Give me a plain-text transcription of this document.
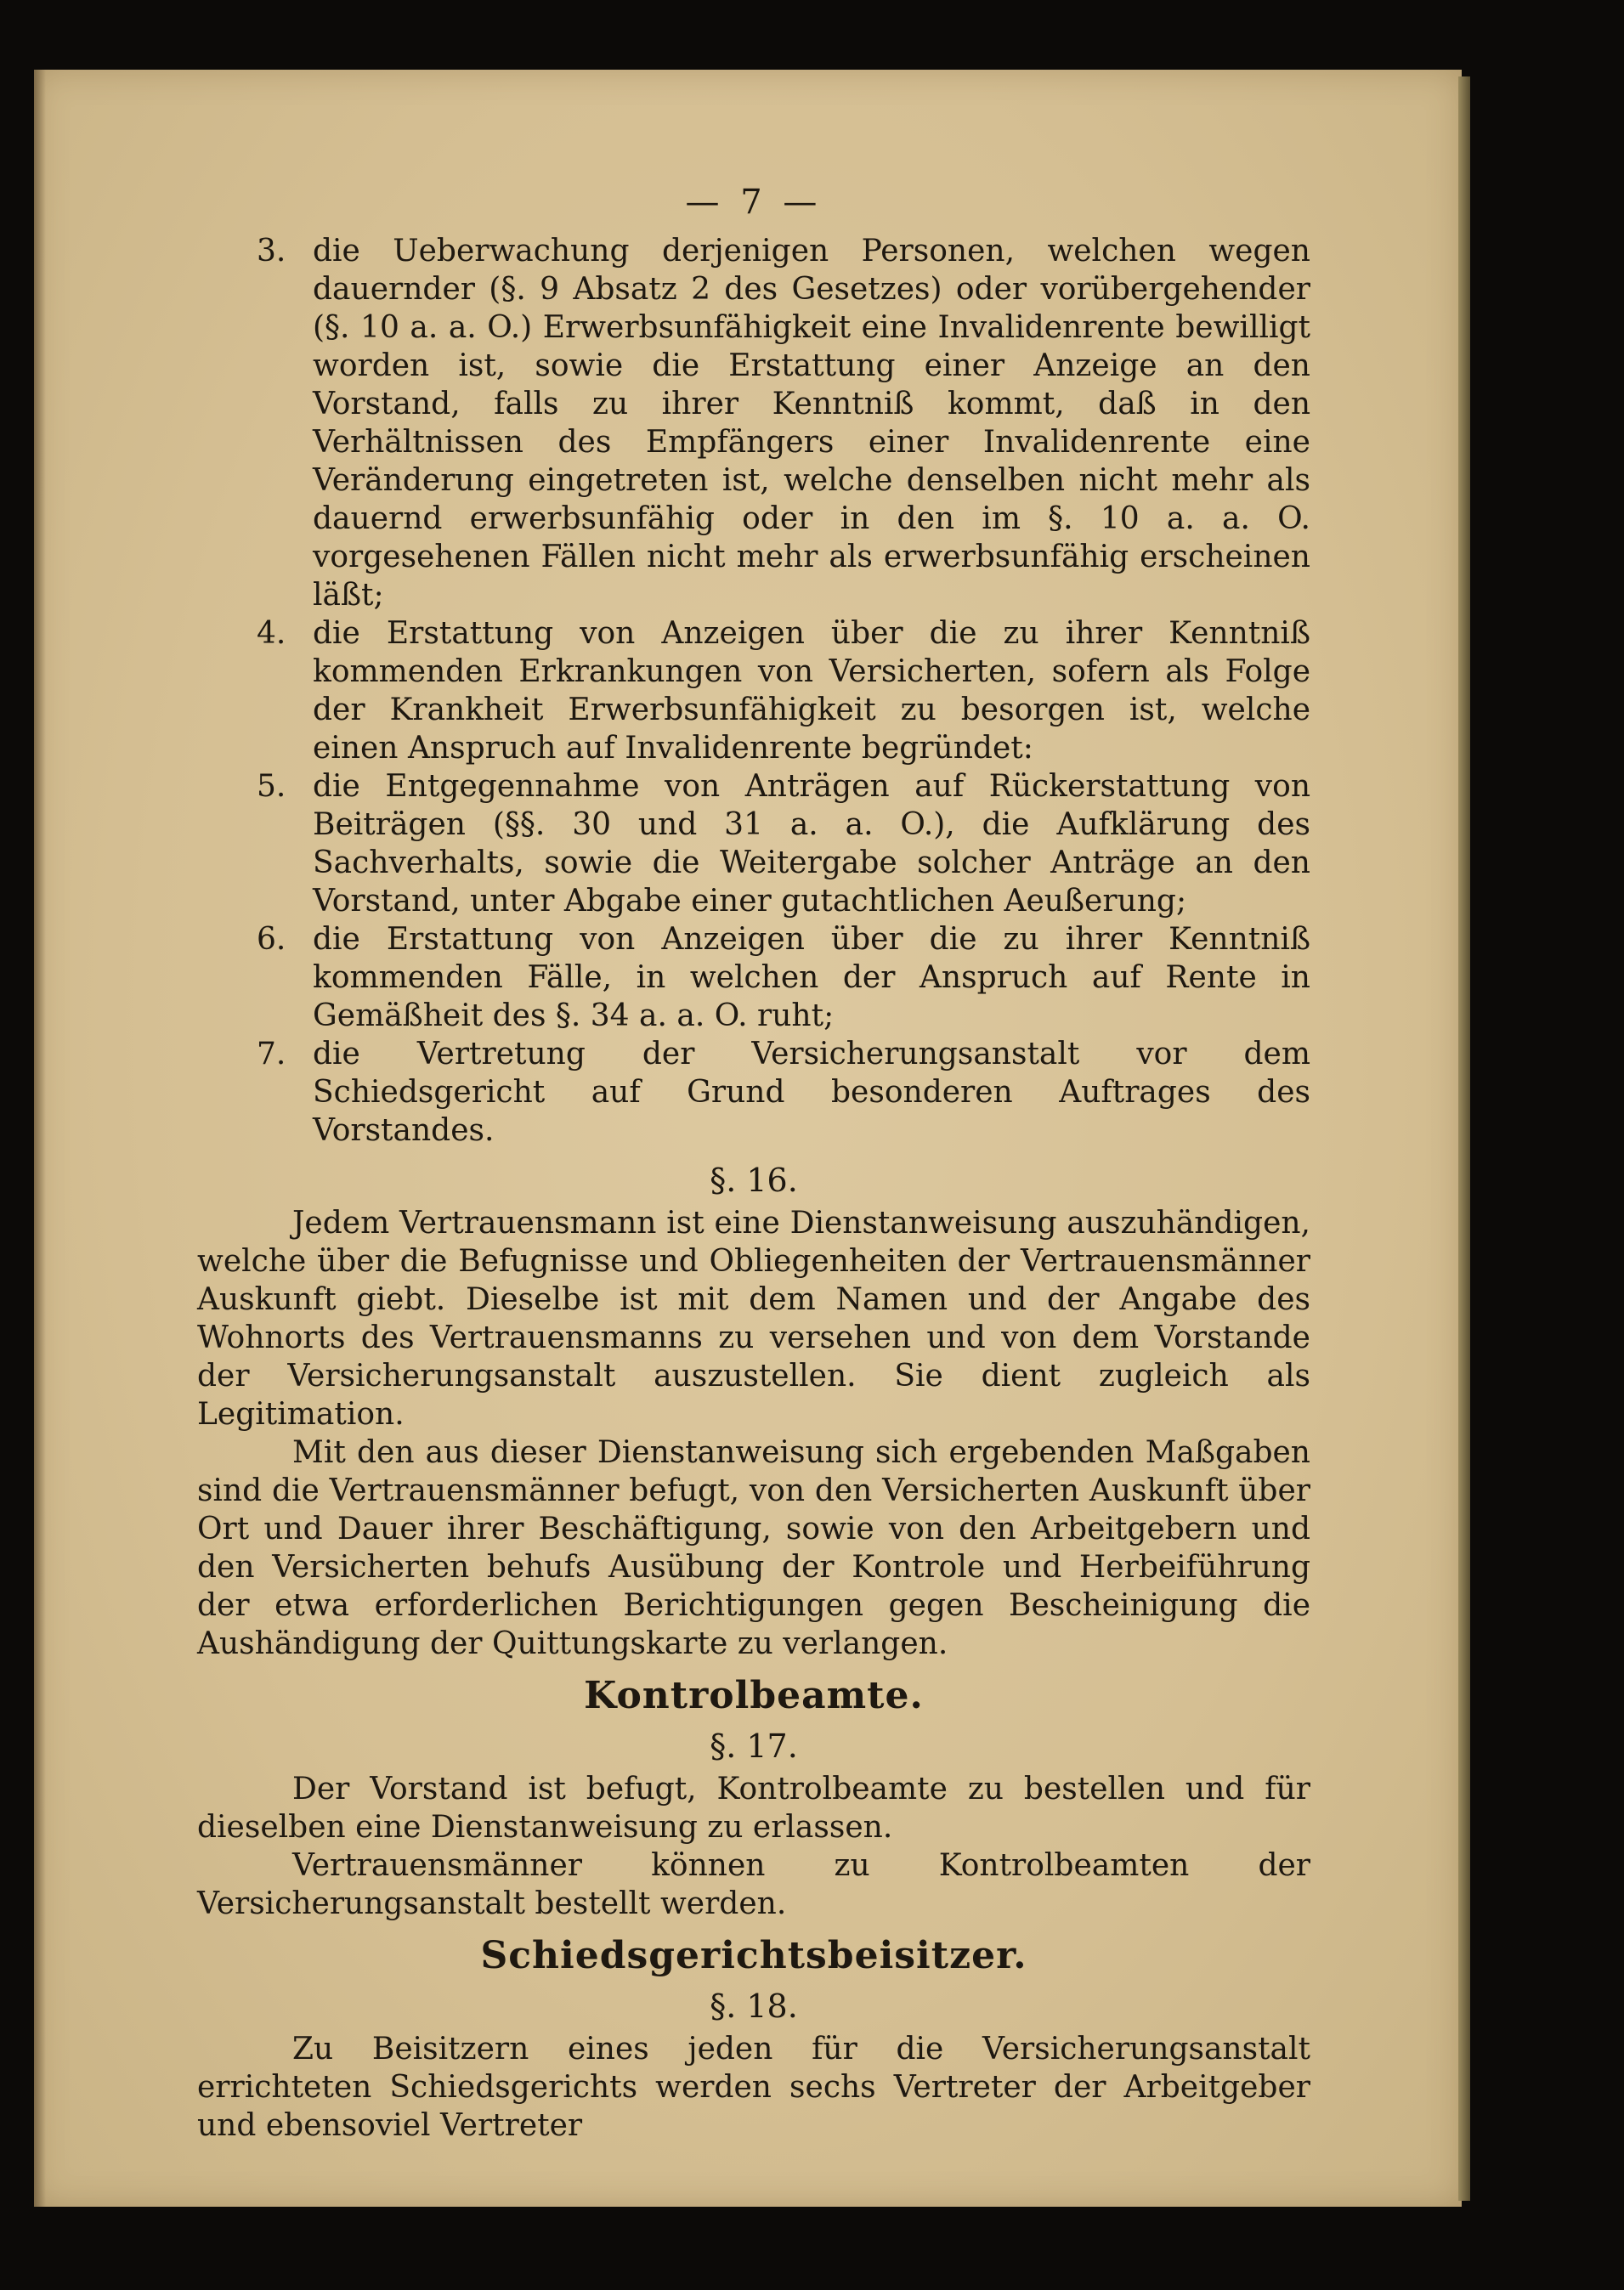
— 7 —
3. die Ueberwachung derjenigen Personen, welchen wegen dauernder (§. 9 Absatz 2 des Gesetzes) oder vorübergehender (§. 10 a. a. O.) Erwerbsunfähigkeit eine Invalidenrente bewilligt worden ist, sowie die Erstattung einer Anzeige an den Vorstand, falls zu ihrer Kenntniß kommt, daß in den Verhältnissen des Empfängers einer Invalidenrente eine Veränderung eingetreten ist, welche denselben nicht mehr als dauernd erwerbsunfähig oder in den im §. 10 a. a. O. vorgesehenen Fällen nicht mehr als erwerbsunfähig erscheinen läßt;

4. die Erstattung von Anzeigen über die zu ihrer Kenntniß kommenden Erkrankungen von Versicherten, sofern als Folge der Krankheit Erwerbsunfähigkeit zu besorgen ist, welche einen Anspruch auf Invalidenrente begründet:

5. die Entgegennahme von Anträgen auf Rückerstattung von Beiträgen (§§. 30 und 31 a. a. O.), die Aufklärung des Sachverhalts, sowie die Weitergabe solcher Anträge an den Vorstand, unter Abgabe einer gutachtlichen Aeußerung;

6. die Erstattung von Anzeigen über die zu ihrer Kenntniß kommenden Fälle, in welchen der Anspruch auf Rente in Gemäßheit des §. 34 a. a. O. ruht;

7. die Vertretung der Versicherungsanstalt vor dem Schiedsgericht auf Grund besonderen Auftrages des Vorstandes.

§. 16.

Jedem Vertrauensmann ist eine Dienstanweisung auszuhändigen, welche über die Befugnisse und Obliegenheiten der Vertrauensmänner Auskunft giebt. Dieselbe ist mit dem Namen und der Angabe des Wohnorts des Vertrauensmanns zu versehen und von dem Vorstande der Versicherungsanstalt auszustellen. Sie dient zugleich als Legitimation.

Mit den aus dieser Dienstanweisung sich ergebenden Maßgaben sind die Vertrauensmänner befugt, von den Versicherten Auskunft über Ort und Dauer ihrer Beschäftigung, sowie von den Arbeitgebern und den Versicherten behufs Ausübung der Kontrole und Herbeiführung der etwa erforderlichen Berichtigungen gegen Bescheinigung die Aushändigung der Quittungskarte zu verlangen.

Kontrolbeamte.
§. 17.

Der Vorstand ist befugt, Kontrolbeamte zu bestellen und für dieselben eine Dienstanweisung zu erlassen.

Vertrauensmänner können zu Kontrolbeamten der Versicherungsanstalt bestellt werden.

Schiedsgerichtsbeisitzer.
§. 18.

Zu Beisitzern eines jeden für die Versicherungsanstalt errichteten Schiedsgerichts werden sechs Vertreter der Arbeitgeber und ebensoviel Vertreter
